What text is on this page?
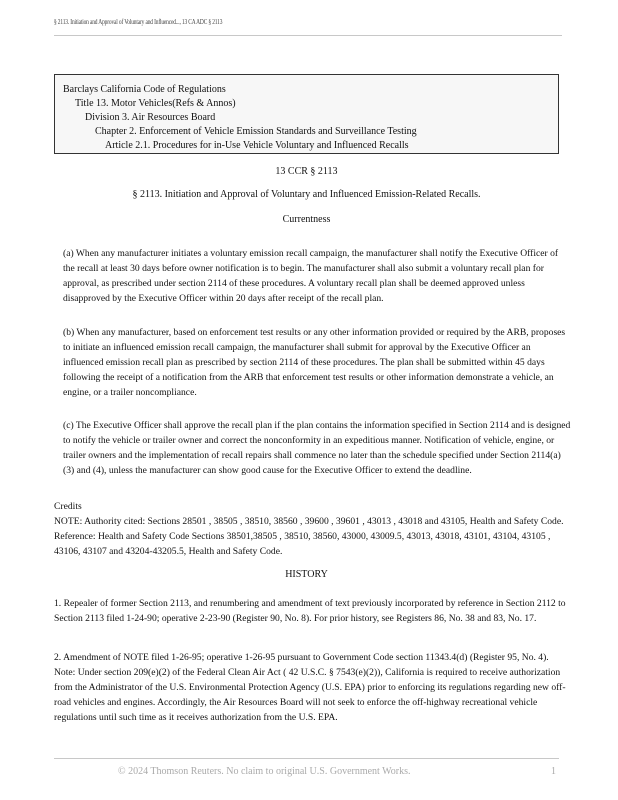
§ 2113. Initiation and Approval of Voluntary and Influenced..., 13 CA ADC § 2113
Barclays California Code of Regulations
Title 13. Motor Vehicles(Refs & Annos)
Division 3. Air Resources Board
Chapter 2. Enforcement of Vehicle Emission Standards and Surveillance Testing
Article 2.1. Procedures for in-Use Vehicle Voluntary and Influenced Recalls
13 CCR § 2113
§ 2113. Initiation and Approval of Voluntary and Influenced Emission-Related Recalls.
Currentness
(a) When any manufacturer initiates a voluntary emission recall campaign, the manufacturer shall notify the Executive Officer of the recall at least 30 days before owner notification is to begin. The manufacturer shall also submit a voluntary recall plan for approval, as prescribed under section 2114 of these procedures. A voluntary recall plan shall be deemed approved unless disapproved by the Executive Officer within 20 days after receipt of the recall plan.
(b) When any manufacturer, based on enforcement test results or any other information provided or required by the ARB, proposes to initiate an influenced emission recall campaign, the manufacturer shall submit for approval by the Executive Officer an influenced emission recall plan as prescribed by section 2114 of these procedures. The plan shall be submitted within 45 days following the receipt of a notification from the ARB that enforcement test results or other information demonstrate a vehicle, an engine, or a trailer noncompliance.
(c) The Executive Officer shall approve the recall plan if the plan contains the information specified in Section 2114 and is designed to notify the vehicle or trailer owner and correct the nonconformity in an expeditious manner. Notification of vehicle, engine, or trailer owners and the implementation of recall repairs shall commence no later than the schedule specified under Section 2114(a)(3) and (4), unless the manufacturer can show good cause for the Executive Officer to extend the deadline.
Credits
NOTE: Authority cited: Sections 28501 , 38505 , 38510, 38560 , 39600 , 39601 , 43013 , 43018 and 43105, Health and Safety Code. Reference: Health and Safety Code Sections 38501,38505 , 38510, 38560, 43000, 43009.5, 43013, 43018, 43101, 43104, 43105 , 43106, 43107 and 43204-43205.5, Health and Safety Code.
HISTORY
1. Repealer of former Section 2113, and renumbering and amendment of text previously incorporated by reference in Section 2112 to Section 2113 filed 1-24-90; operative 2-23-90 (Register 90, No. 8). For prior history, see Registers 86, No. 38 and 83, No. 17.
2. Amendment of NOTE filed 1-26-95; operative 1-26-95 pursuant to Government Code section 11343.4(d) (Register 95, No. 4). Note: Under section 209(e)(2) of the Federal Clean Air Act ( 42 U.S.C. § 7543(e)(2)), California is required to receive authorization from the Administrator of the U.S. Environmental Protection Agency (U.S. EPA) prior to enforcing its regulations regarding new off-road vehicles and engines. Accordingly, the Air Resources Board will not seek to enforce the off-highway recreational vehicle regulations until such time as it receives authorization from the U.S. EPA.
© 2024 Thomson Reuters. No claim to original U.S. Government Works.	1
